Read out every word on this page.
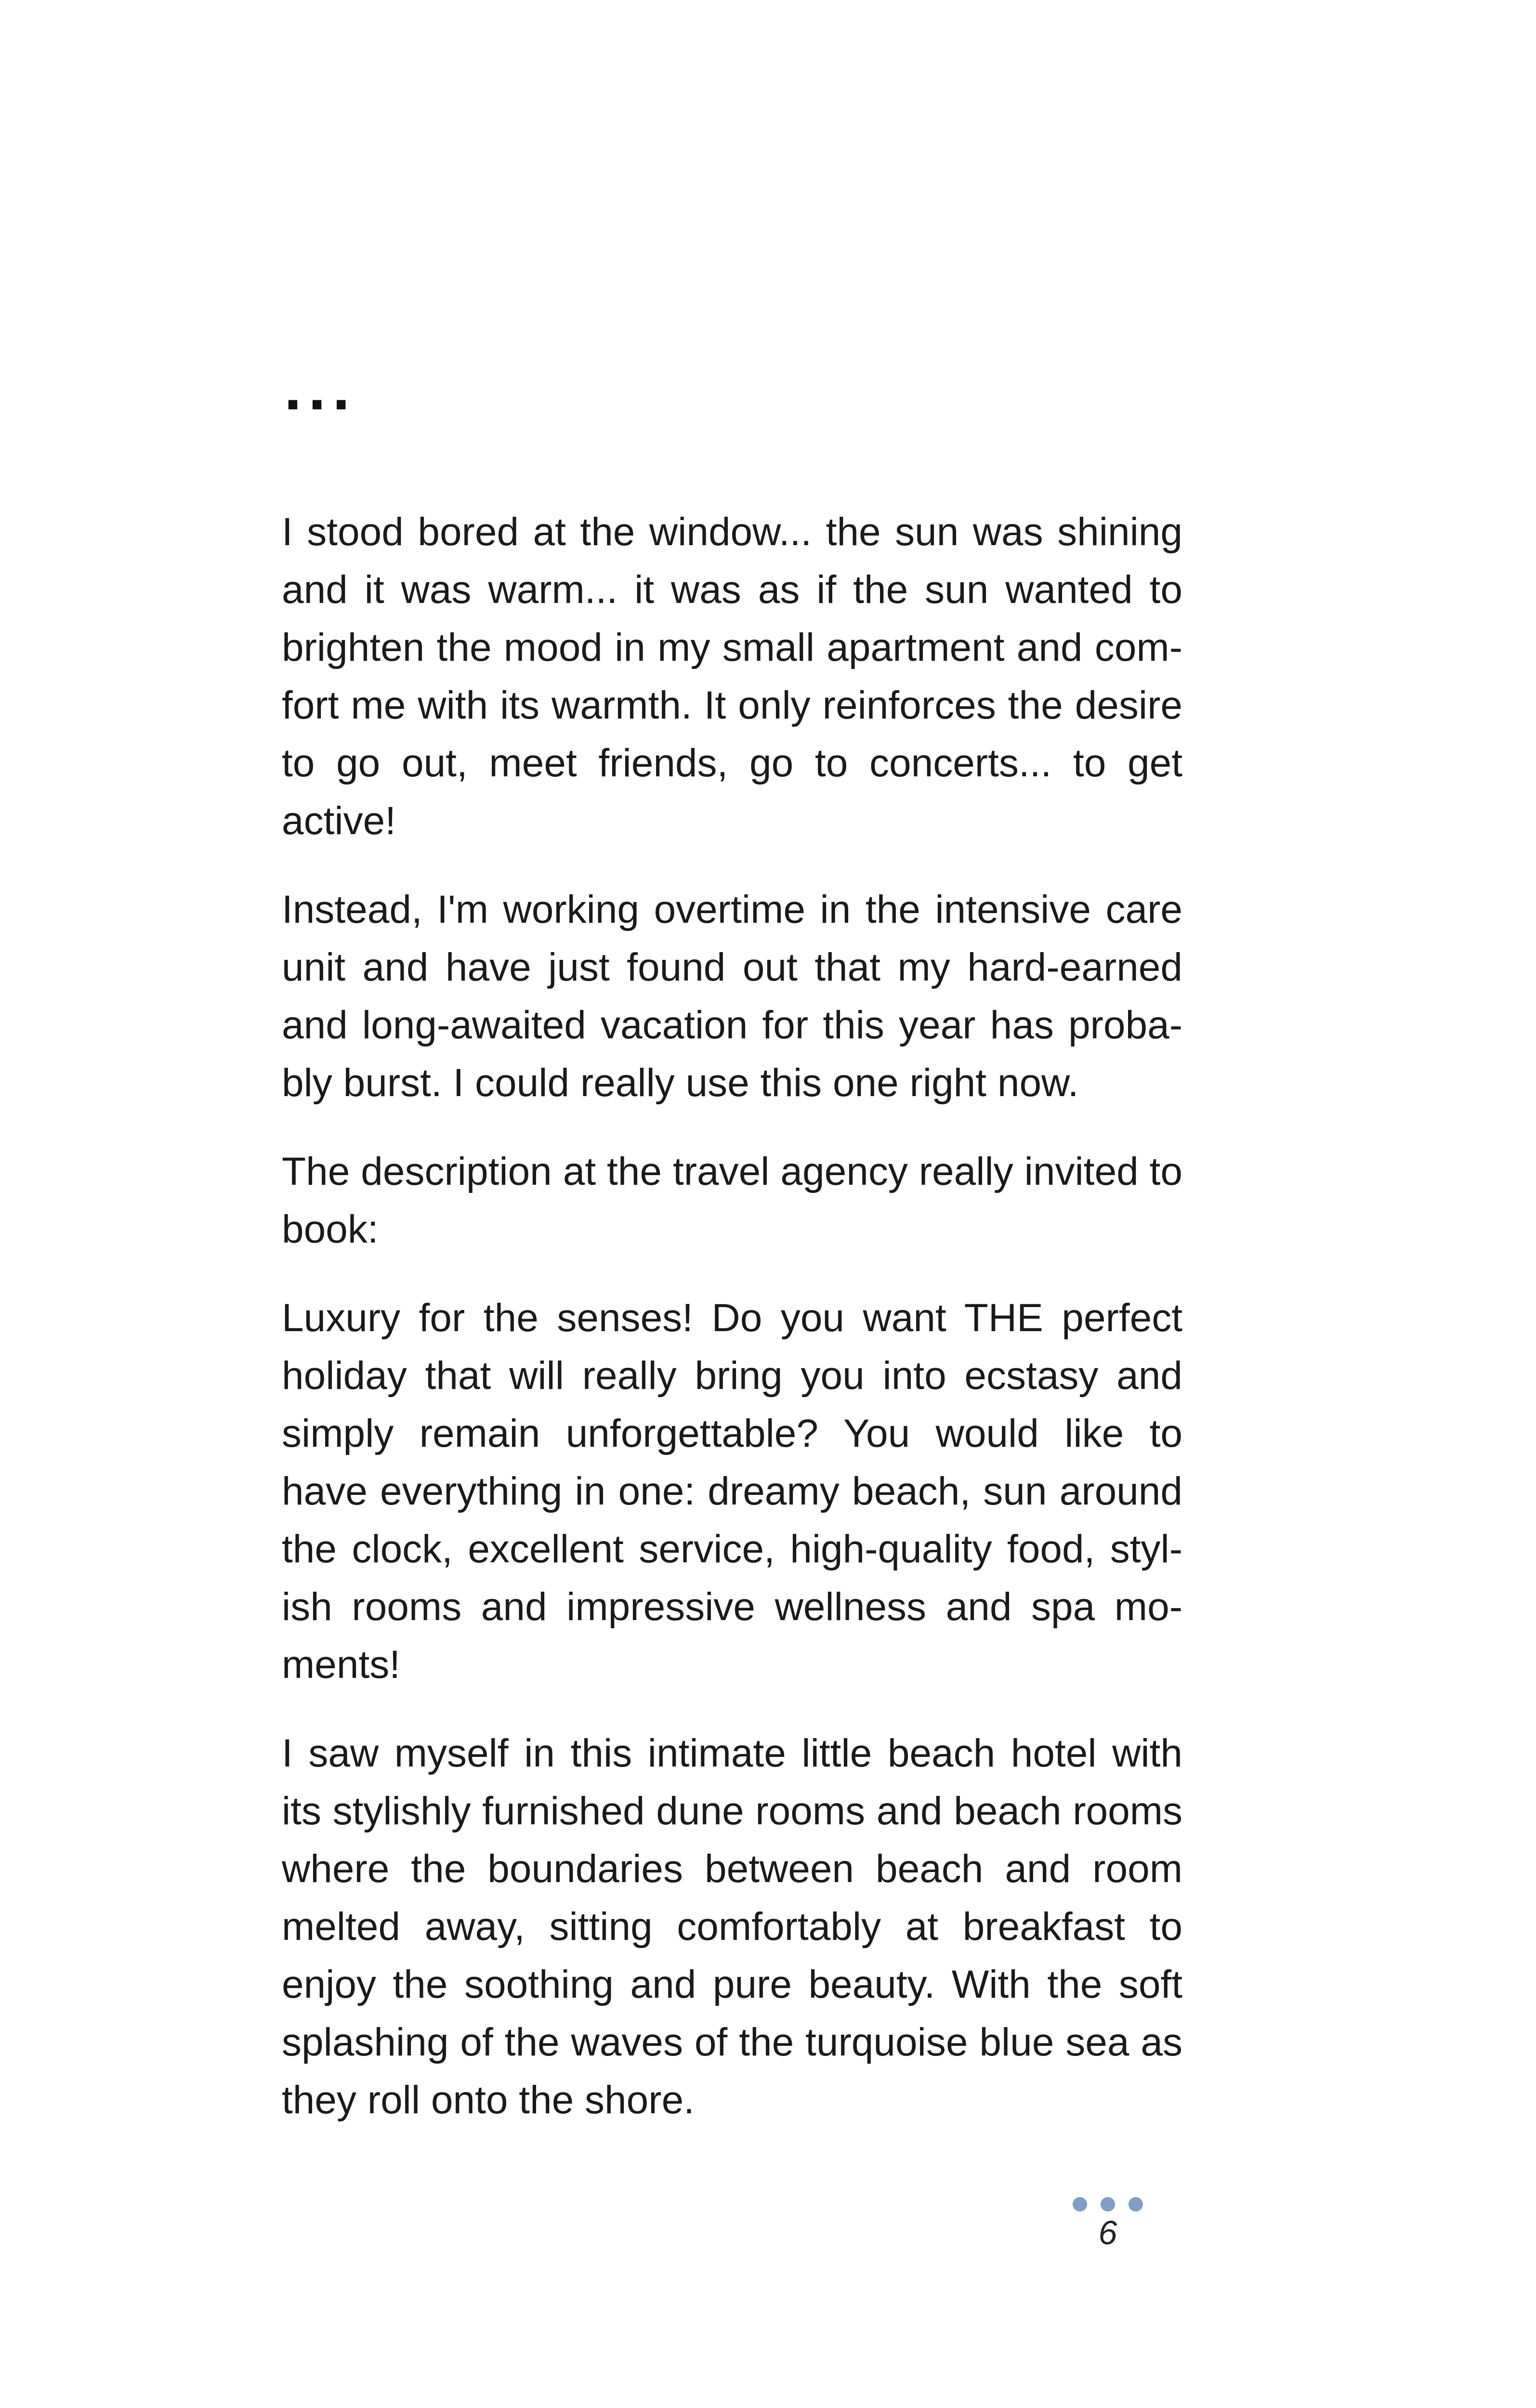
...

I stood bored at the window... the sun was shining and it was warm... it was as if the sun wanted to brighten the mood in my small apartment and comfort me with its warmth. It only reinforces the desire to go out, meet friends, go to concerts... to get active!

Instead, I'm working overtime in the intensive care unit and have just found out that my hard-earned and long-awaited vacation for this year has probably burst. I could really use this one right now.

The description at the travel agency really invited to book:

Luxury for the senses! Do you want THE perfect holiday that will really bring you into ecstasy and simply remain unforgettable? You would like to have everything in one: dreamy beach, sun around the clock, excellent service, high-quality food, stylish rooms and impressive wellness and spa moments!

I saw myself in this intimate little beach hotel with its stylishly furnished dune rooms and beach rooms where the boundaries between beach and room melted away, sitting comfortably at breakfast to enjoy the soothing and pure beauty. With the soft splashing of the waves of the turquoise blue sea as they roll onto the shore.

6
